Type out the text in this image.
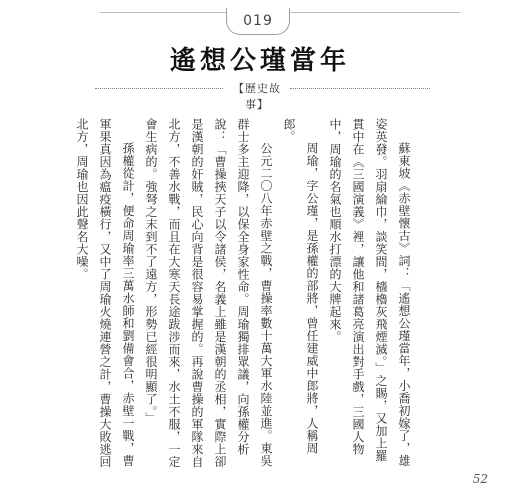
019
遙想公瑾當年
【歷史故事】

蘇東坡《赤壁懷古》詞：「遙想公瑾當年，小喬初嫁了，雄姿英發。羽扇綸巾，談笑間，檣櫓灰飛煙滅。」之賜，又加上羅貫中在《三國演義》裡，讓他和諸葛亮演出對手戲，三國人物中，周瑜的名氣也順水打漂的大牌起來。

周瑜，字公瑾，是孫權的部將，曾任建威中郎將，人稱周郎。

公元二〇八年赤壁之戰，曹操率數十萬大軍水陸並進。東吳群士多主迎降，以保全身家性命。周瑜獨排眾議，向孫權分析說：「曹操挾天子以令諸侯，名義上雖是漢朝的丞相，實際上卻是漢朝的奸賊，民心向背是很容易掌握的。再說曹操的軍隊來自北方，不善水戰，而且在大寒天長途跋涉而來，水土不服，一定會生病的。強弩之末到不了遠方，形勢已經很明顯了。」

孫權從計，便命周瑜率三萬水師和劉備會合，赤壁一戰，曹軍果真因為瘟疫橫行，又中了周瑜火燒連營之計，曹操大敗逃回北方，周瑜也因此聲名大噪。

52
